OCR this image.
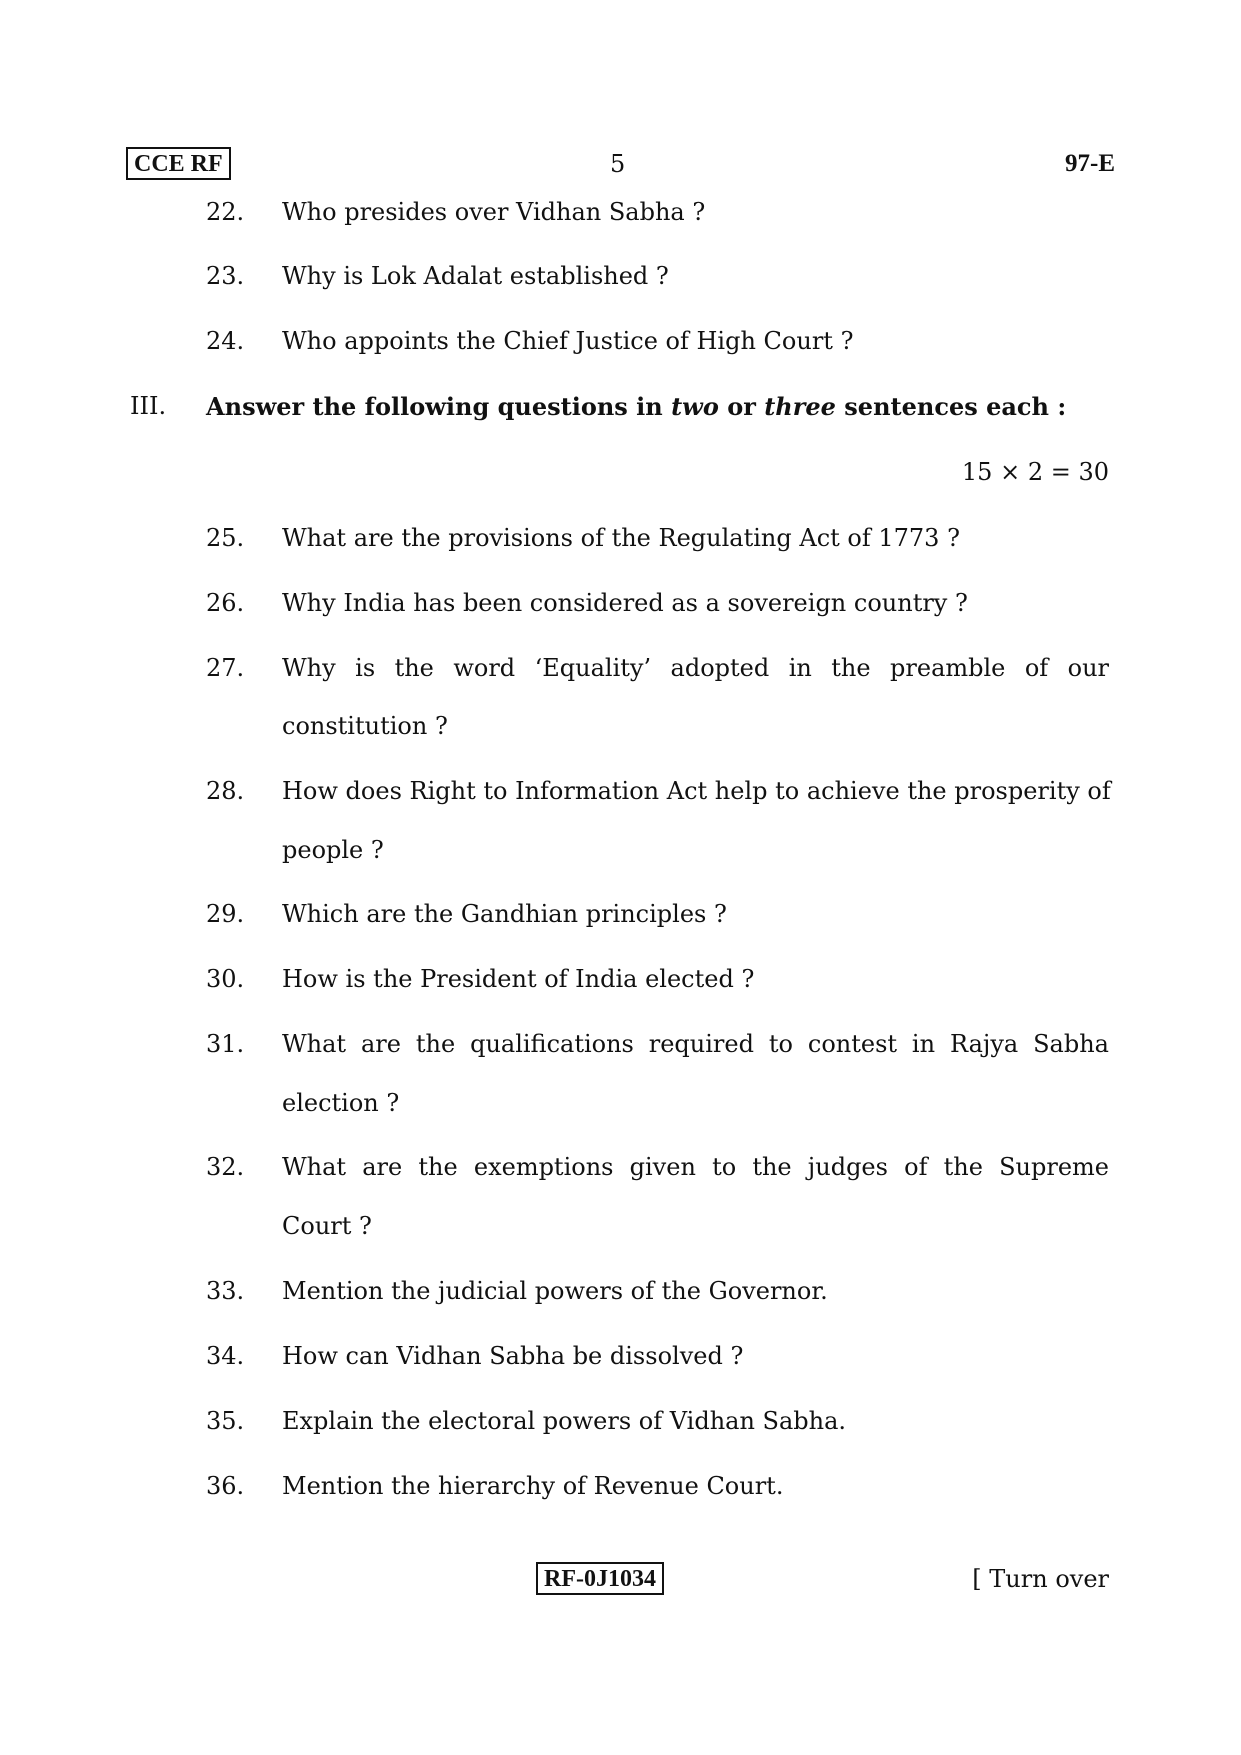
CCE RF	5	97-E
22. Who presides over Vidhan Sabha ?
23. Why is Lok Adalat established ?
24. Who appoints the Chief Justice of High Court ?
III. Answer the following questions in two or three sentences each :
15 × 2 = 30
25. What are the provisions of the Regulating Act of 1773 ?
26. Why India has been considered as a sovereign country ?
27. Why is the word ‘Equality’ adopted in the preamble of our
constitution ?
28. How does Right to Information Act help to achieve the prosperity of
people ?
29. Which are the Gandhian principles ?
30. How is the President of India elected ?
31. What are the qualifications required to contest in Rajya Sabha
election ?
32. What are the exemptions given to the judges of the Supreme
Court ?
33. Mention the judicial powers of the Governor.
34. How can Vidhan Sabha be dissolved ?
35. Explain the electoral powers of Vidhan Sabha.
36. Mention the hierarchy of Revenue Court.
RF-0J1034	[ Turn over
